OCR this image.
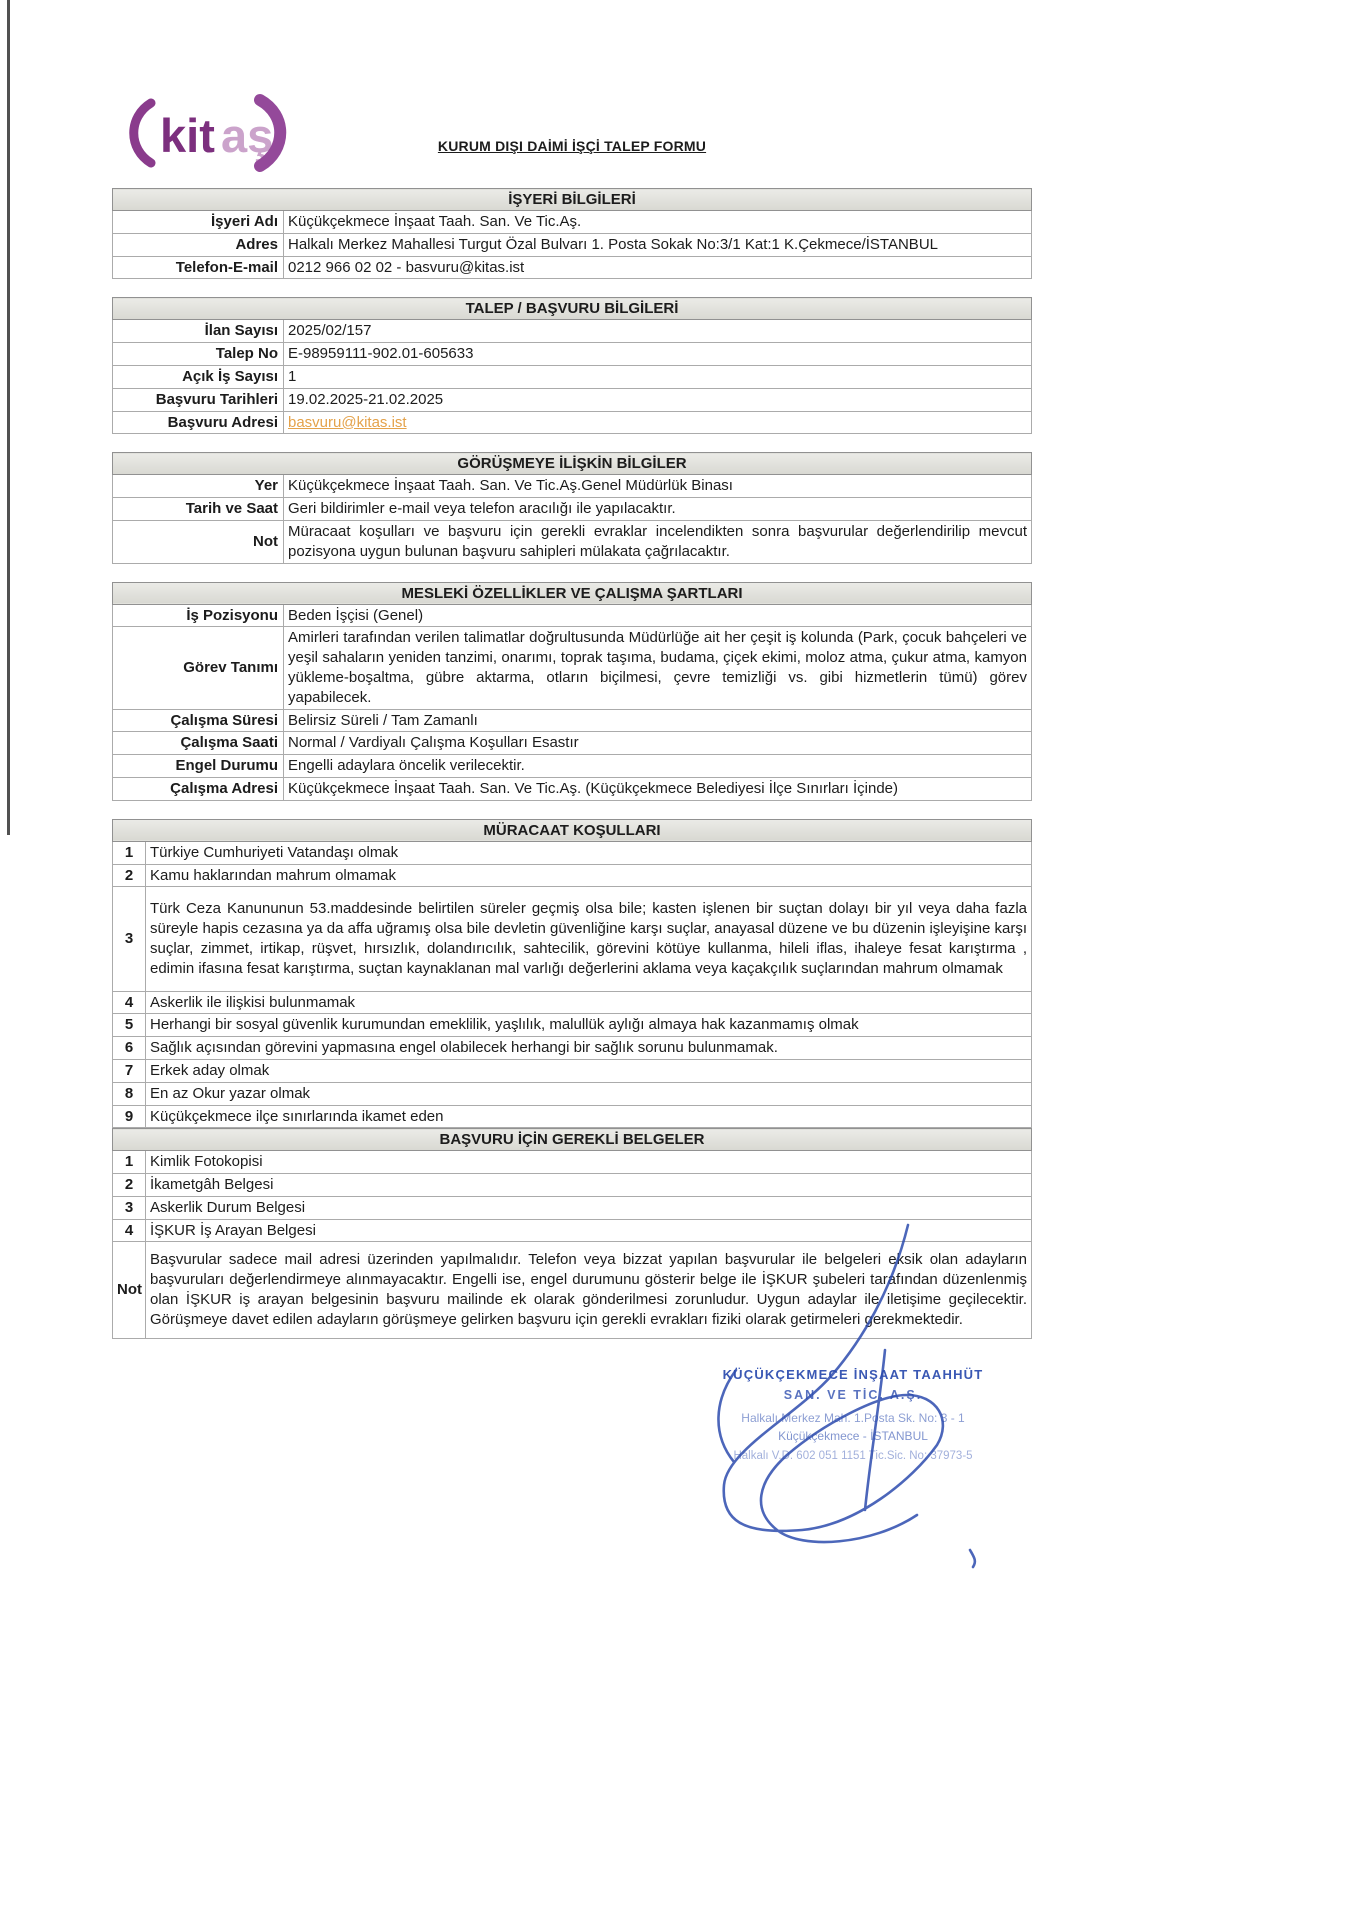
kit aş	KURUM DIŞI DAİMİ İŞÇİ TALEP FORMU
İŞYERİ BİLGİLERİ	
İşyeri Adı	Küçükçekmece İnşaat Taah. San. Ve Tic.Aş.
Adres	Halkalı Merkez Mahallesi Turgut Özal Bulvarı 1. Posta Sokak No:3/1 Kat:1 K.Çekmece/İSTANBUL
Telefon-E-mail	0212 966 02 02 - basvuru@kitas.ist
TALEP / BAŞVURU BİLGİLERİ	
İlan Sayısı	2025/02/157
Talep No	E-98959111-902.01-605633
Açık İş Sayısı	1
Başvuru Tarihleri	19.02.2025-21.02.2025
Başvuru Adresi	basvuru@kitas.ist
GÖRÜŞMEYE İLİŞKİN BİLGİLER	
Yer	Küçükçekmece İnşaat Taah. San. Ve Tic.Aş.Genel Müdürlük Binası
Tarih ve Saat	Geri bildirimler e-mail veya telefon aracılığı ile yapılacaktır.
Not	Müracaat koşulları ve başvuru için gerekli evraklar incelendikten sonra başvurular değerlendirilip mevcut pozisyona uygun bulunan başvuru sahipleri mülakata çağrılacaktır.
MESLEKİ ÖZELLİKLER VE ÇALIŞMA ŞARTLARI	
İş Pozisyonu	Beden İşçisi (Genel)
Görev Tanımı	Amirleri tarafından verilen talimatlar doğrultusunda Müdürlüğe ait her çeşit iş kolunda (Park, çocuk bahçeleri ve yeşil sahaların yeniden tanzimi, onarımı, toprak taşıma, budama, çiçek ekimi, moloz atma, çukur atma, kamyon yükleme-boşaltma, gübre aktarma, otların biçilmesi, çevre temizliği vs. gibi hizmetlerin tümü) görev yapabilecek.
Çalışma Süresi	Belirsiz Süreli / Tam Zamanlı
Çalışma Saati	Normal / Vardiyalı Çalışma Koşulları Esastır
Engel Durumu	Engelli adaylara öncelik verilecektir.
Çalışma Adresi	Küçükçekmece İnşaat Taah. San. Ve Tic.Aş. (Küçükçekmece Belediyesi İlçe Sınırları İçinde)
MÜRACAAT KOŞULLARI	
1	Türkiye Cumhuriyeti Vatandaşı olmak
2	Kamu haklarından mahrum olmamak
3	Türk Ceza Kanununun 53.maddesinde belirtilen süreler geçmiş olsa bile; kasten işlenen bir suçtan dolayı bir yıl veya daha fazla süreyle hapis cezasına ya da affa uğramış olsa bile devletin güvenliğine karşı suçlar, anayasal düzene ve bu düzenin işleyişine karşı suçlar, zimmet, irtikap, rüşvet, hırsızlık, dolandırıcılık, sahtecilik, görevini kötüye kullanma, hileli iflas, ihaleye fesat karıştırma , edimin ifasına fesat karıştırma, suçtan kaynaklanan mal varlığı değerlerini aklama veya kaçakçılık suçlarından mahrum olmamak
4	Askerlik ile ilişkisi bulunmamak
5	Herhangi bir sosyal güvenlik kurumundan emeklilik, yaşlılık, malullük aylığı almaya hak kazanmamış olmak
6	Sağlık açısından görevini yapmasına engel olabilecek herhangi bir sağlık sorunu bulunmamak.
7	Erkek aday olmak
8	En az Okur yazar olmak
9	Küçükçekmece ilçe sınırlarında ikamet eden
BAŞVURU İÇİN GEREKLİ BELGELER	
1	Kimlik Fotokopisi
2	İkametgâh Belgesi
3	Askerlik Durum Belgesi
4	İŞKUR İş Arayan Belgesi
Not	Başvurular sadece mail adresi üzerinden yapılmalıdır. Telefon veya bizzat yapılan başvurular ile belgeleri eksik olan adayların başvuruları değerlendirmeye alınmayacaktır. Engelli ise, engel durumunu gösterir belge ile İŞKUR şubeleri tarafından düzenlenmiş olan İŞKUR iş arayan belgesinin başvuru mailinde ek olarak gönderilmesi zorunludur. Uygun adaylar ile iletişime geçilecektir. Görüşmeye davet edilen adayların görüşmeye gelirken başvuru için gerekli evrakları fiziki olarak getirmeleri gerekmektedir.
KÜÇÜKÇEKMECE İNŞAAT TAAHHÜT
SAN. VE TİC. A.Ş.
Halkalı Merkez Mah. 1.Posta Sk. No: 3 - 1
Küçükçekmece - İSTANBUL
Halkalı V.D. 602 051 1151 Tic.Sic. No: 37973-5
